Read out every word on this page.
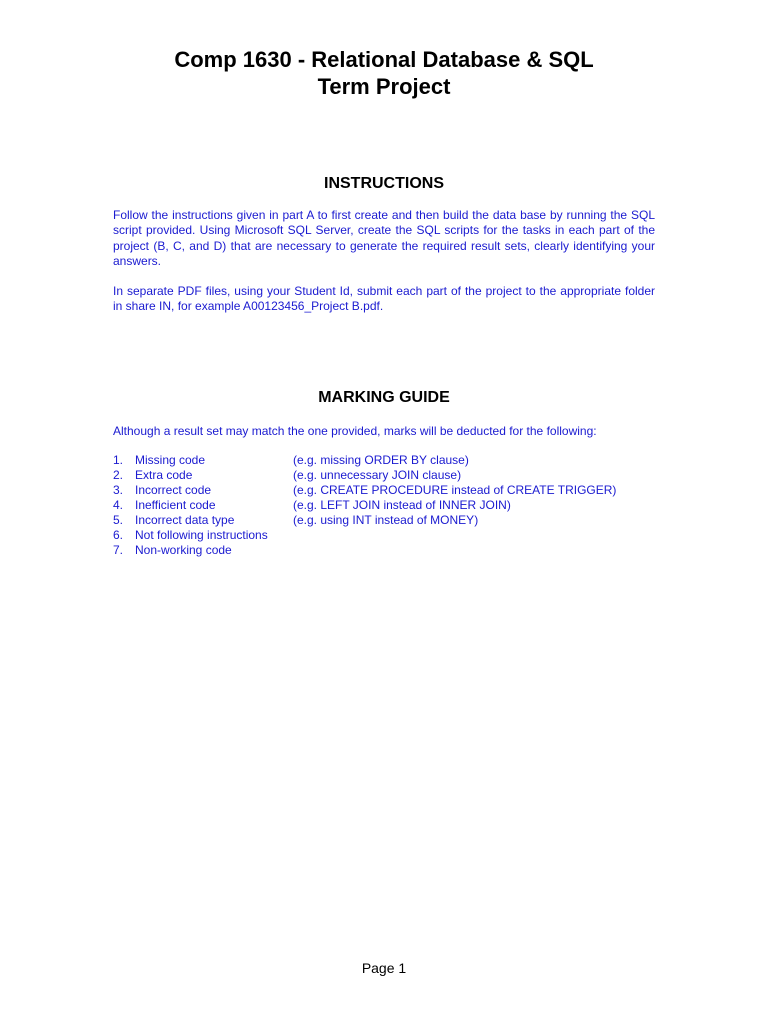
Comp 1630 - Relational Database & SQL
Term Project
INSTRUCTIONS

Follow the instructions given in part A to first create and then build the data base by running the SQL script provided. Using Microsoft SQL Server, create the SQL scripts for the tasks in each part of the project (B, C, and D) that are necessary to generate the required result sets, clearly identifying your answers.

In separate PDF files, using your Student Id, submit each part of the project to the appropriate folder in share IN, for example A00123456_Project B.pdf.

MARKING GUIDE

Although a result set may match the one provided, marks will be deducted for the following:

1. Missing code	(e.g. missing ORDER BY clause)
2. Extra code	(e.g. unnecessary JOIN clause)
3. Incorrect code	(e.g. CREATE PROCEDURE instead of CREATE TRIGGER)
4. Inefficient code	(e.g. LEFT JOIN instead of INNER JOIN)
5. Incorrect data type	(e.g. using INT instead of MONEY)
6. Not following instructions
7. Non-working code
Page 1
